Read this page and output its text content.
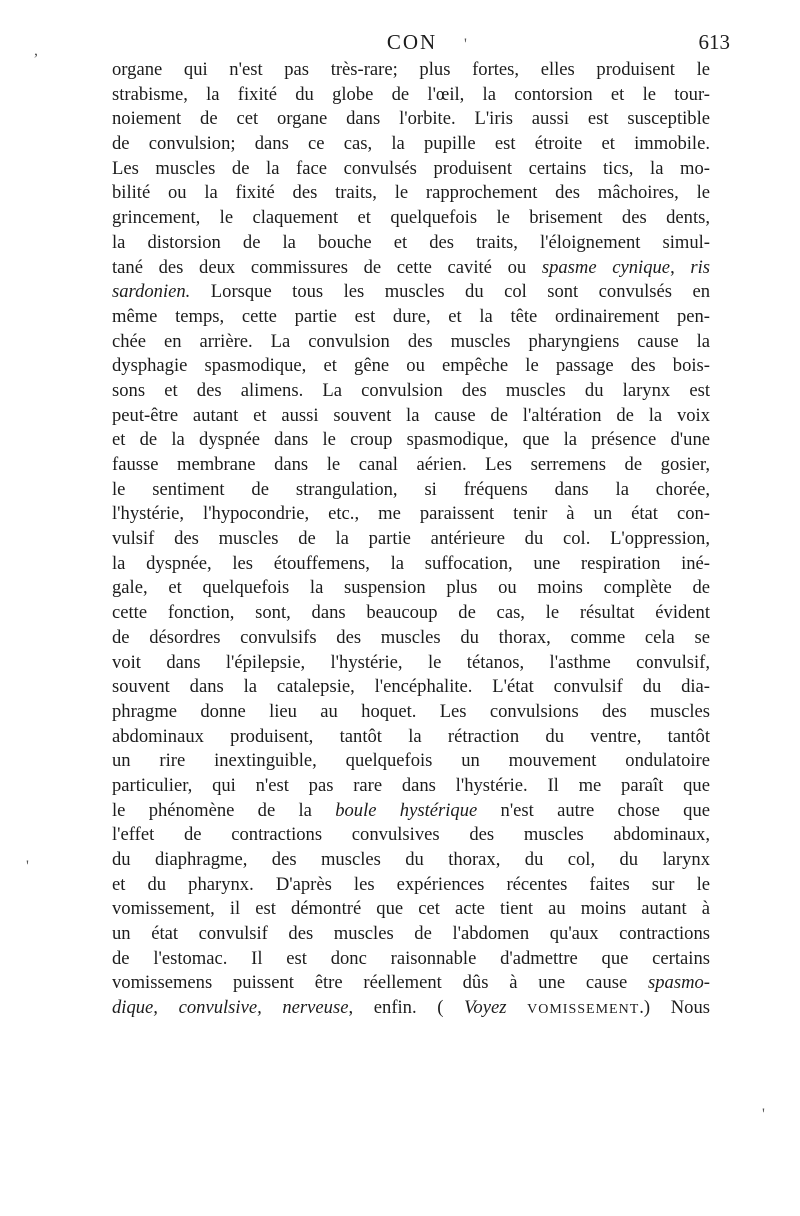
CON	613
,	'
organe qui n'est pas très-rare; plus fortes, elles produisent le
strabisme, la fixité du globe de l'œil, la contorsion et le tour-
noiement de cet organe dans l'orbite. L'iris aussi est susceptible
de convulsion; dans ce cas, la pupille est étroite et immobile.
Les muscles de la face convulsés produisent certains tics, la mo-
bilité ou la fixité des traits, le rapprochement des mâchoires, le
grincement, le claquement et quelquefois le brisement des dents,
la distorsion de la bouche et des traits, l'éloignement simul-
tané des deux commissures de cette cavité ou spasme cynique, ris
sardonien. Lorsque tous les muscles du col sont convulsés en
même temps, cette partie est dure, et la tête ordinairement pen-
chée en arrière. La convulsion des muscles pharyngiens cause la
dysphagie spasmodique, et gêne ou empêche le passage des bois-
sons et des alimens. La convulsion des muscles du larynx est
peut-être autant et aussi souvent la cause de l'altération de la voix
et de la dyspnée dans le croup spasmodique, que la présence d'une
fausse membrane dans le canal aérien. Les serremens de gosier,
le sentiment de strangulation, si fréquens dans la chorée,
l'hystérie, l'hypocondrie, etc., me paraissent tenir à un état con-
vulsif des muscles de la partie antérieure du col. L'oppression,
la dyspnée, les étouffemens, la suffocation, une respiration iné-
gale, et quelquefois la suspension plus ou moins complète de
cette fonction, sont, dans beaucoup de cas, le résultat évident
de désordres convulsifs des muscles du thorax, comme cela se
voit dans l'épilepsie, l'hystérie, le tétanos, l'asthme convulsif,
souvent dans la catalepsie, l'encéphalite. L'état convulsif du dia-
phragme donne lieu au hoquet. Les convulsions des muscles
abdominaux produisent, tantôt la rétraction du ventre, tantôt
un rire inextinguible, quelquefois un mouvement ondulatoire
particulier, qui n'est pas rare dans l'hystérie. Il me paraît que
le phénomène de la boule hystérique n'est autre chose que
l'effet de contractions convulsives des muscles abdominaux,
du diaphragme, des muscles du thorax, du col, du larynx
et du pharynx. D'après les expériences récentes faites sur le
vomissement, il est démontré que cet acte tient au moins autant à
un état convulsif des muscles de l'abdomen qu'aux contractions
de l'estomac. Il est donc raisonnable d'admettre que certains
vomissemens puissent être réellement dûs à une cause spasmo-
dique, convulsive, nerveuse, enfin. ( Voyez VOMISSEMENT.) Nous
'
'
